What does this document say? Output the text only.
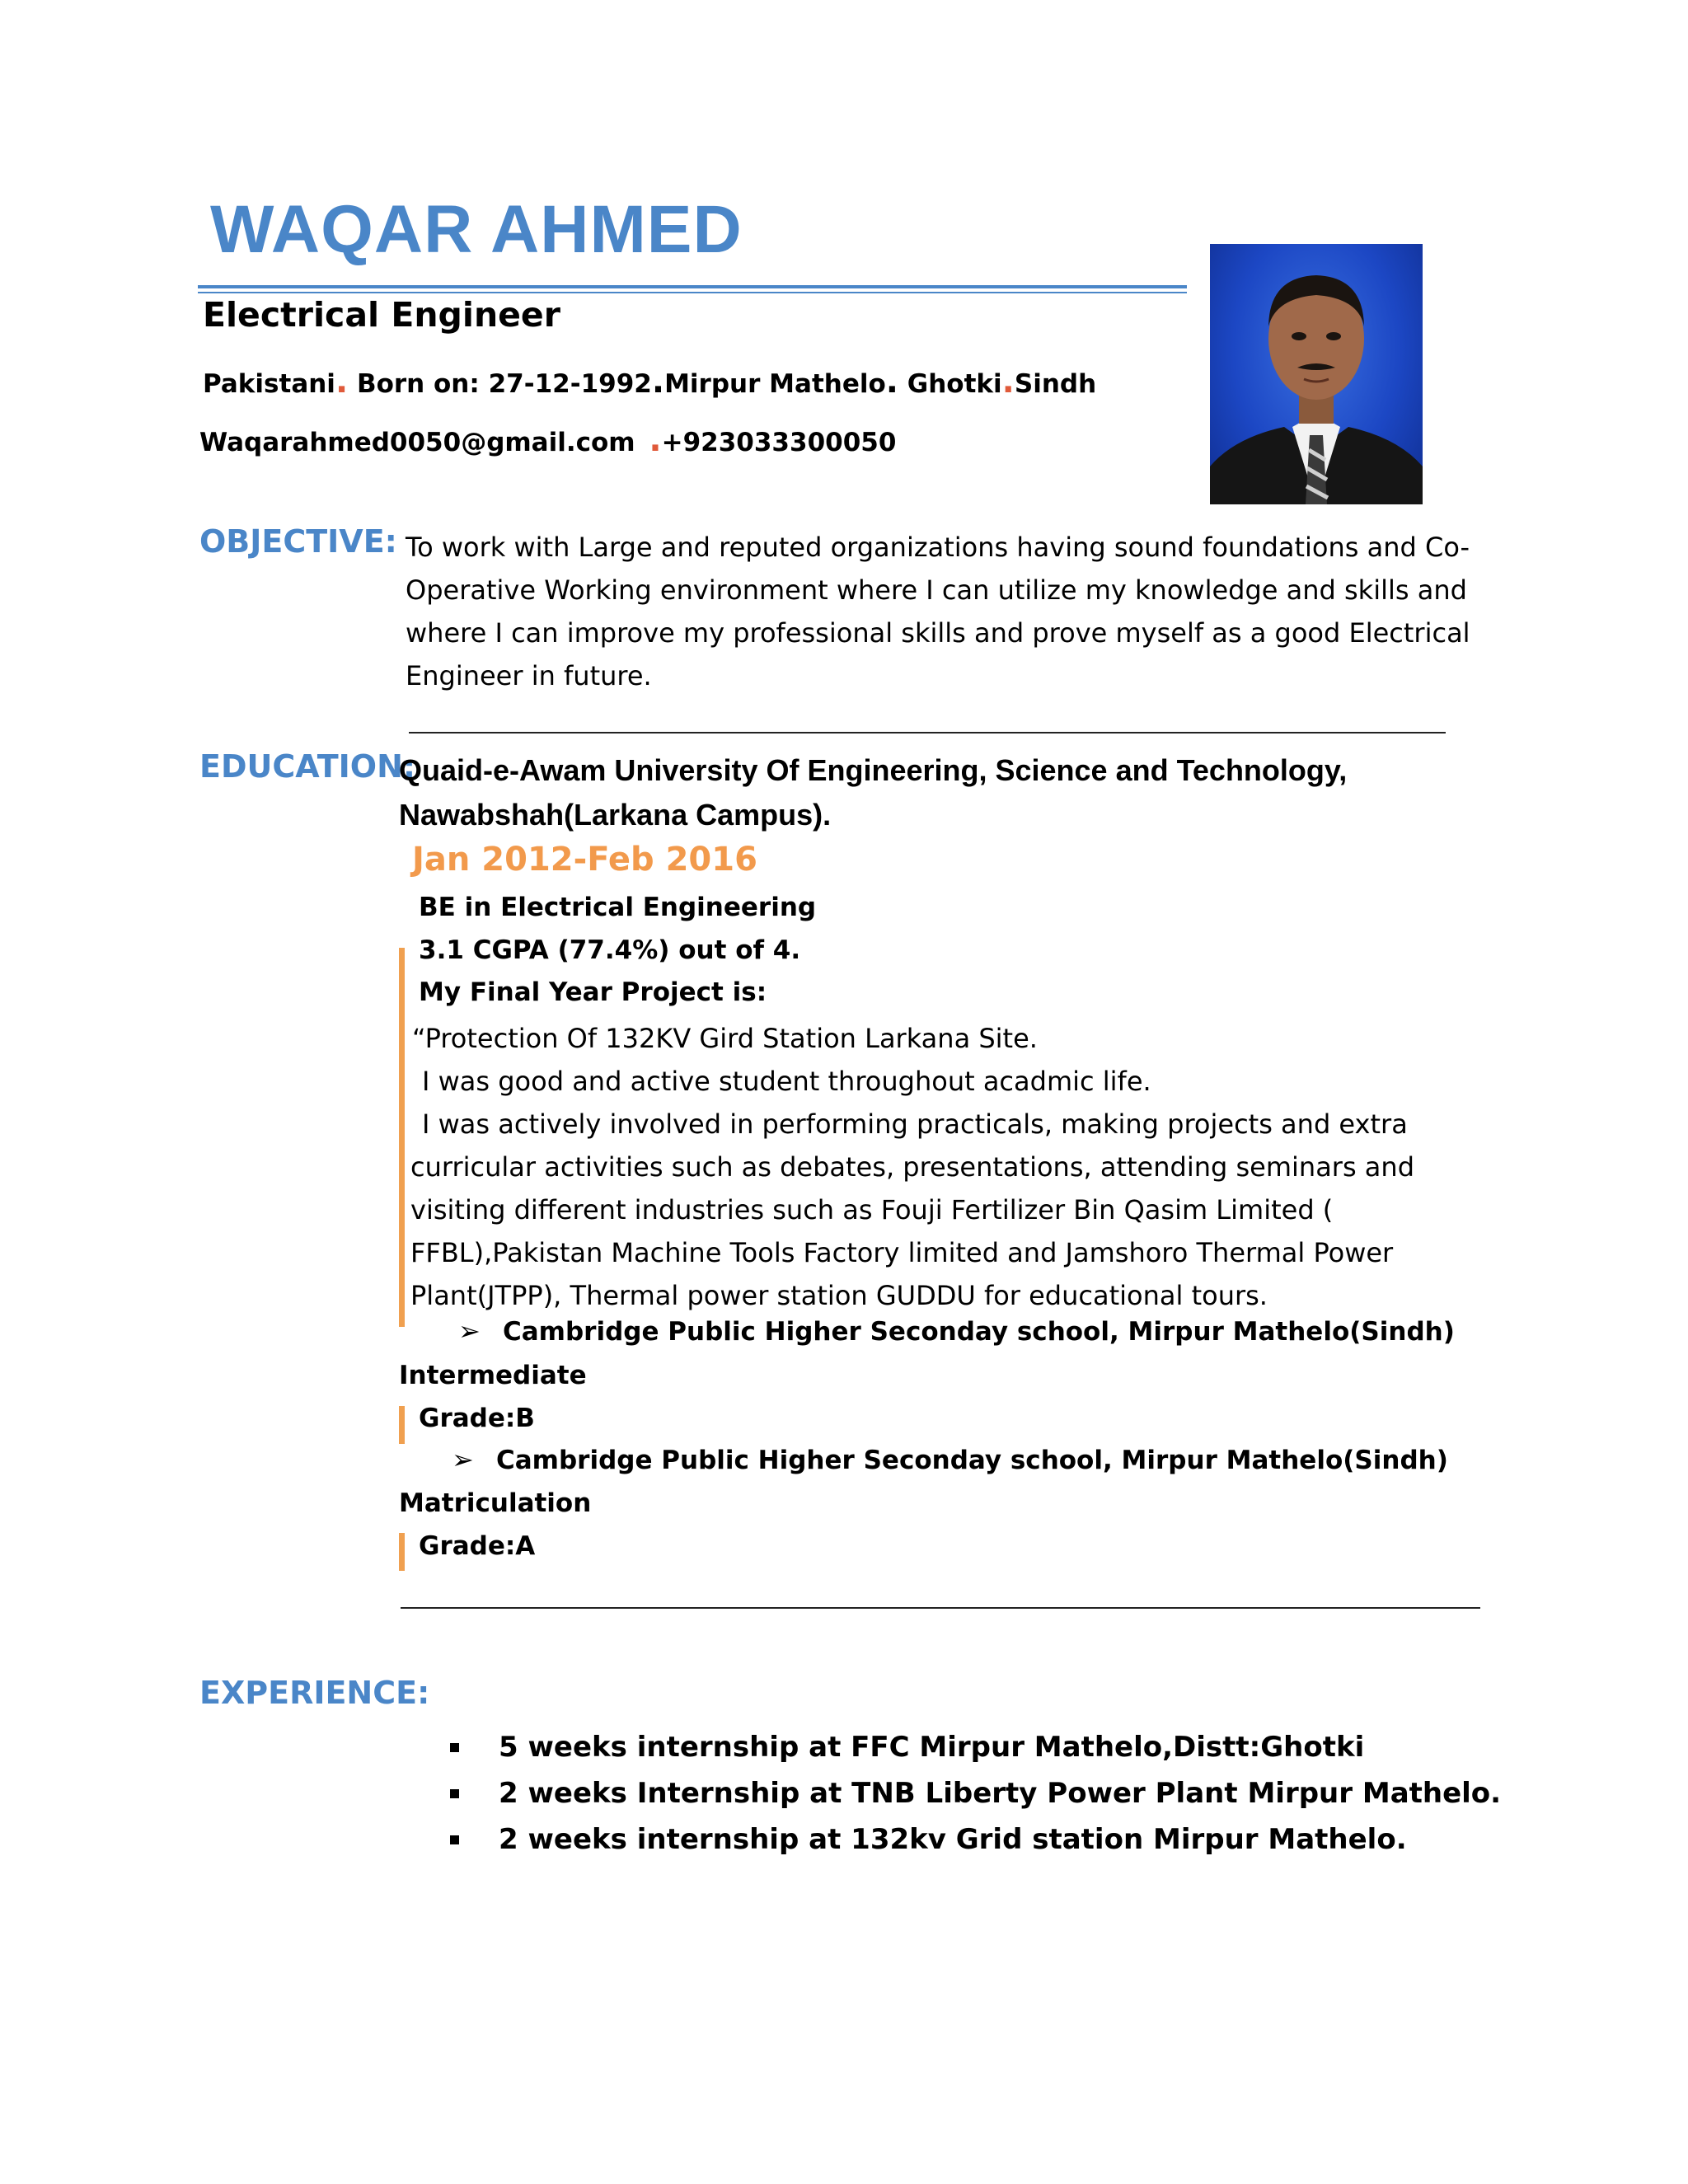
WAQAR AHMED
Electrical Engineer
Pakistani. Born on: 27-12-1992.Mirpur Mathelo. Ghotki.Sindh
Waqarahmed0050@gmail.com .+923033300050
OBJECTIVE: To work with Large and reputed organizations having sound foundations and Co-Operative Working environment where I can utilize my knowledge and skills and where I can improve my professional skills and prove myself as a good Electrical Engineer in future.
EDUCATION:
Quaid-e-Awam University Of Engineering, Science and Technology, Nawabshah(Larkana Campus).
Jan 2012-Feb 2016
BE in Electrical Engineering
3.1 CGPA (77.4%) out of 4.
My Final Year Project is:
“Protection Of 132KV Gird Station Larkana Site.
I was good and active student throughout acadmic life.
I was actively involved in performing practicals, making projects and extra curricular activities such as debates, presentations, attending seminars and visiting different industries such as Fouji Fertilizer Bin Qasim Limited ( FFBL),Pakistan Machine Tools Factory limited and Jamshoro Thermal Power Plant(JTPP), Thermal power station GUDDU for educational tours.
➢ Cambridge Public Higher Seconday school, Mirpur Mathelo(Sindh)
Intermediate
Grade:B
➢ Cambridge Public Higher Seconday school, Mirpur Mathelo(Sindh)
Matriculation
Grade:A
EXPERIENCE:
5 weeks internship at FFC Mirpur Mathelo,Distt:Ghotki
2 weeks Internship at TNB Liberty Power Plant Mirpur Mathelo.
2 weeks internship at 132kv Grid station Mirpur Mathelo.
